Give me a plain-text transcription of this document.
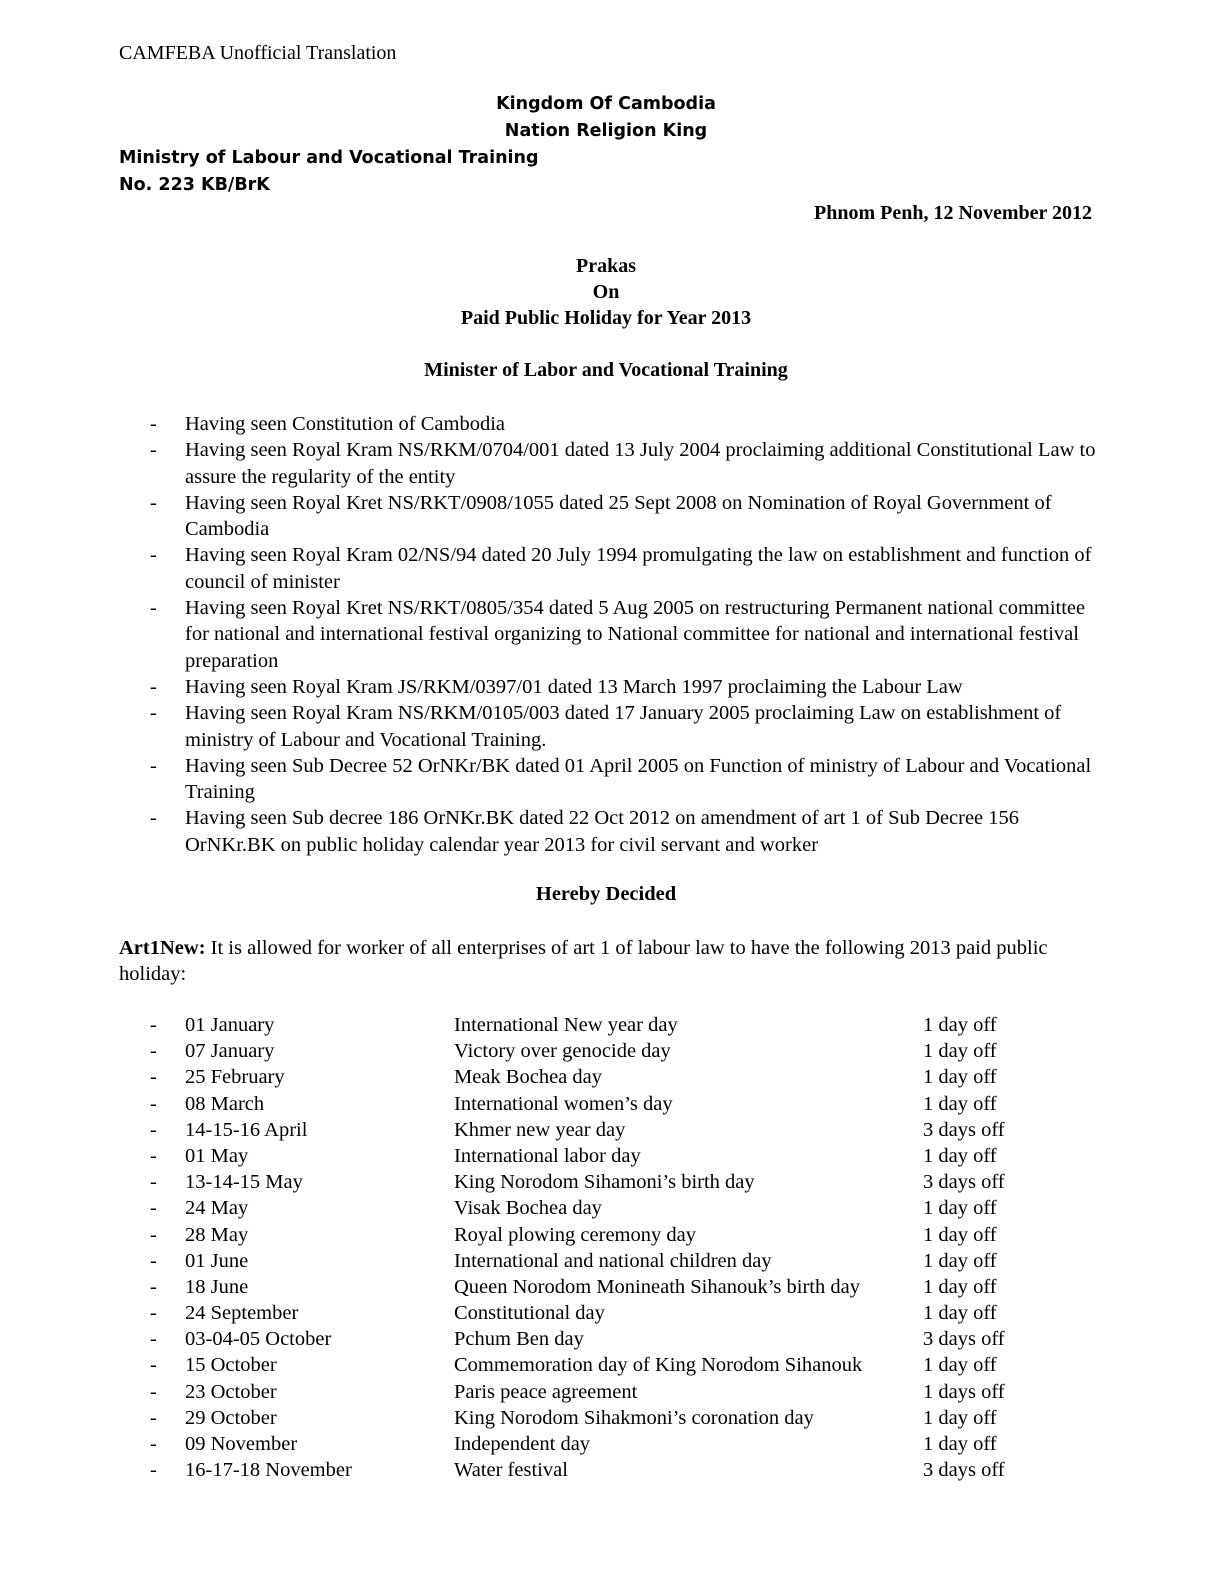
CAMFEBA Unofficial Translation
Kingdom Of Cambodia
Nation Religion King
Ministry of Labour and Vocational Training
No. 223 KB/BrK
Phnom Penh, 12 November 2012
Prakas
On
Paid Public Holiday for Year 2013
Minister of Labor and Vocational Training
- Having seen Constitution of Cambodia
- Having seen Royal Kram NS/RKM/0704/001 dated 13 July 2004 proclaiming additional Constitutional Law to assure the regularity of the entity
- Having seen Royal Kret NS/RKT/0908/1055 dated 25 Sept 2008 on Nomination of Royal Government of Cambodia
- Having seen Royal Kram 02/NS/94 dated 20 July 1994 promulgating the law on establishment and function of council of minister
- Having seen Royal Kret NS/RKT/0805/354 dated 5 Aug 2005 on restructuring Permanent national committee for national and international festival organizing to National committee for national and international festival preparation
- Having seen Royal Kram JS/RKM/0397/01 dated 13 March 1997 proclaiming the Labour Law
- Having seen Royal Kram NS/RKM/0105/003 dated 17 January 2005 proclaiming Law on establishment of ministry of Labour and Vocational Training.
- Having seen Sub Decree 52 OrNKr/BK dated 01 April 2005 on Function of ministry of Labour and Vocational Training
- Having seen Sub decree 186 OrNKr.BK dated 22 Oct 2012 on amendment of art 1 of Sub Decree 156 OrNKr.BK on public holiday calendar year 2013 for civil servant and worker
Hereby Decided
Art1New: It is allowed for worker of all enterprises of art 1 of labour law to have the following 2013 paid public holiday:
- 01 January	International New year day	1 day off
- 07 January	Victory over genocide day	1 day off
- 25 February	Meak Bochea day	1 day off
- 08 March	International women’s day	1 day off
- 14-15-16 April	Khmer new year day	3 days off
- 01 May	International labor day	1 day off
- 13-14-15 May	King Norodom Sihamoni’s birth day	3 days off
- 24 May	Visak Bochea day	1 day off
- 28 May	Royal plowing ceremony day	1 day off
- 01 June	International and national children day	1 day off
- 18 June	Queen Norodom Monineath Sihanouk’s birth day	1 day off
- 24 September	Constitutional day	1 day off
- 03-04-05 October	Pchum Ben day	3 days off
- 15 October	Commemoration day of King Norodom Sihanouk	1 day off
- 23 October	Paris peace agreement	1 days off
- 29 October	King Norodom Sihakmoni’s coronation day	1 day off
- 09 November	Independent day	1 day off
- 16-17-18 November	Water festival	3 days off
